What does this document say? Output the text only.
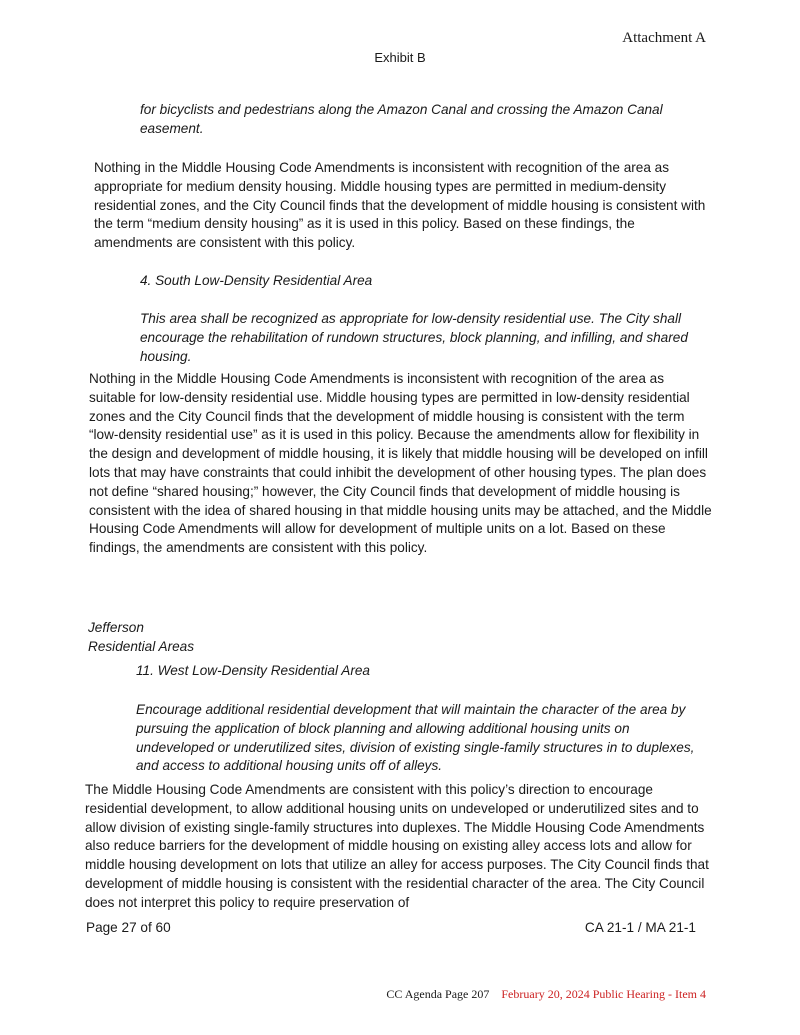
Attachment A
Exhibit B

for bicyclists and pedestrians along the Amazon Canal and crossing the Amazon Canal easement.

Nothing in the Middle Housing Code Amendments is inconsistent with recognition of the area as appropriate for medium density housing. Middle housing types are permitted in medium-density residential zones, and the City Council finds that the development of middle housing is consistent with the term “medium density housing” as it is used in this policy. Based on these findings, the amendments are consistent with this policy.

4. South Low-Density Residential Area

This area shall be recognized as appropriate for low-density residential use. The City shall encourage the rehabilitation of rundown structures, block planning, and infilling, and shared housing.

Nothing in the Middle Housing Code Amendments is inconsistent with recognition of the area as suitable for low-density residential use. Middle housing types are permitted in low-density residential zones and the City Council finds that the development of middle housing is consistent with the term “low-density residential use” as it is used in this policy. Because the amendments allow for flexibility in the design and development of middle housing, it is likely that middle housing will be developed on infill lots that may have constraints that could inhibit the development of other housing types. The plan does not define “shared housing;” however, the City Council finds that development of middle housing is consistent with the idea of shared housing in that middle housing units may be attached, and the Middle Housing Code Amendments will allow for development of multiple units on a lot. Based on these findings, the amendments are consistent with this policy.

Jefferson

Residential Areas

11. West Low-Density Residential Area

Encourage additional residential development that will maintain the character of the area by pursuing the application of block planning and allowing additional housing units on undeveloped or underutilized sites, division of existing single-family structures in to duplexes, and access to additional housing units off of alleys.

The Middle Housing Code Amendments are consistent with this policy’s direction to encourage residential development, to allow additional housing units on undeveloped or underutilized sites and to allow division of existing single-family structures into duplexes. The Middle Housing Code Amendments also reduce barriers for the development of middle housing on existing alley access lots and allow for middle housing development on lots that utilize an alley for access purposes. The City Council finds that development of middle housing is consistent with the residential character of the area. The City Council does not interpret this policy to require preservation of

Page 27 of 60	CA 21-1 / MA 21-1
CC Agenda Page 207 February 20, 2024 Public Hearing - Item 4
